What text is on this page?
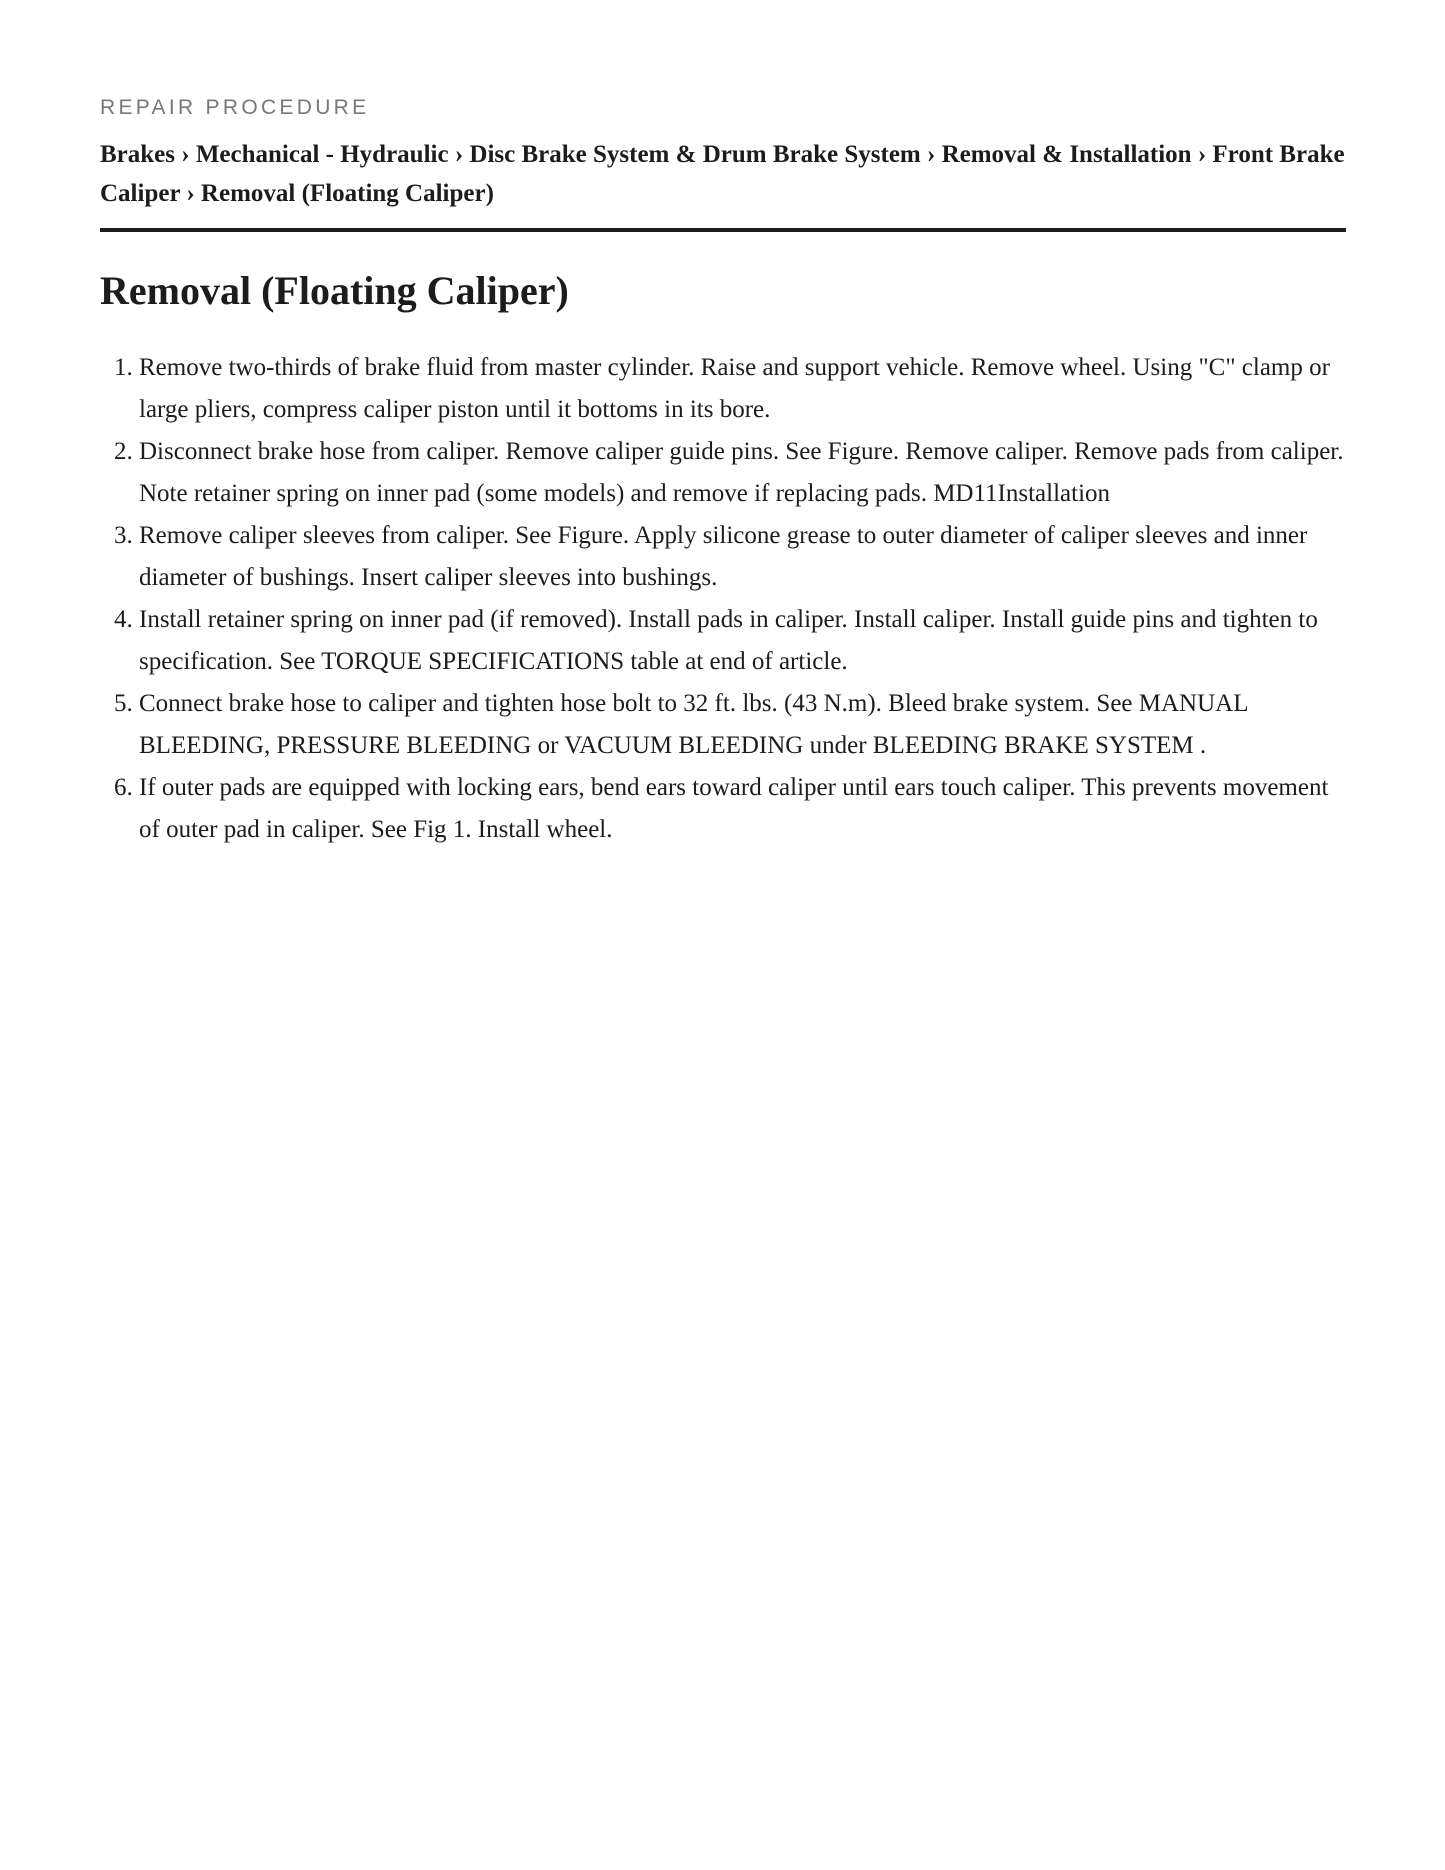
REPAIR PROCEDURE
Brakes › Mechanical - Hydraulic › Disc Brake System & Drum Brake System › Removal & Installation › Front Brake Caliper › Removal (Floating Caliper)
Removal (Floating Caliper)
1. Remove two-thirds of brake fluid from master cylinder. Raise and support vehicle. Remove wheel. Using "C" clamp or large pliers, compress caliper piston until it bottoms in its bore.
2. Disconnect brake hose from caliper. Remove caliper guide pins. See Figure. Remove caliper. Remove pads from caliper. Note retainer spring on inner pad (some models) and remove if replacing pads. MD11Installation
3. Remove caliper sleeves from caliper. See Figure. Apply silicone grease to outer diameter of caliper sleeves and inner diameter of bushings. Insert caliper sleeves into bushings.
4. Install retainer spring on inner pad (if removed). Install pads in caliper. Install caliper. Install guide pins and tighten to specification. See TORQUE SPECIFICATIONS table at end of article.
5. Connect brake hose to caliper and tighten hose bolt to 32 ft. lbs. (43 N.m). Bleed brake system. See MANUAL BLEEDING, PRESSURE BLEEDING or VACUUM BLEEDING under BLEEDING BRAKE SYSTEM .
6. If outer pads are equipped with locking ears, bend ears toward caliper until ears touch caliper. This prevents movement of outer pad in caliper. See Fig 1. Install wheel.
